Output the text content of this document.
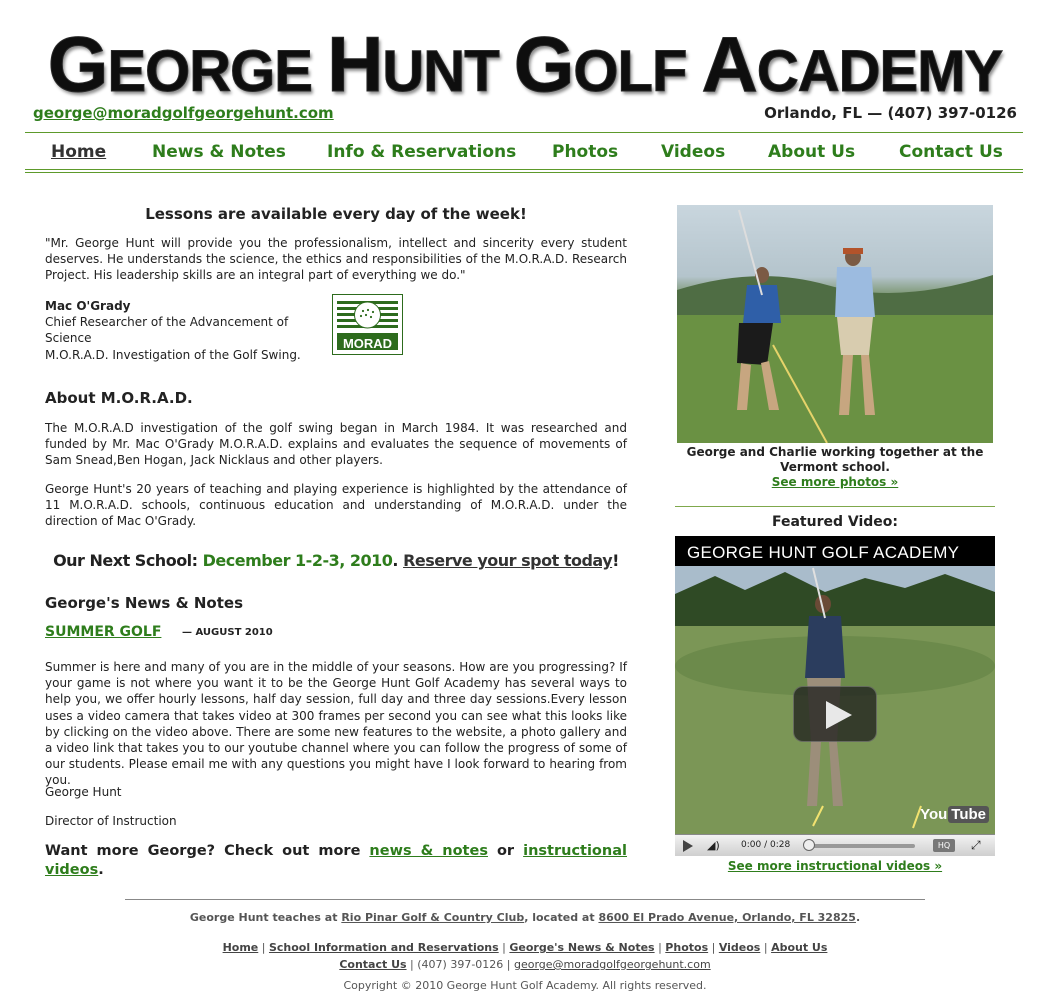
GEORGE HUNT GOLF ACADEMY
george@moradgolfgeorgehunt.com	Orlando, FL — (407) 397-0126
Home	News & Notes Info & Reservations Photos	Videos	About Us	Contact Us
Lessons are available every day of the week!

"Mr. George Hunt will provide you the professionalism, intellect and sincerity every student deserves. He understands the science, the ethics and responsibilities of the M.O.R.A.D. Research Project. His leadership skills are an integral part of everything we do."

Mac O'Grady
Chief Researcher of the Advancement of Science
M.O.R.A.D. Investigation of the Golf Swing.
MORAD
About M.O.R.A.D.

The M.O.R.A.D investigation of the golf swing began in March 1984. It was researched and funded by Mr. Mac O'Grady M.O.R.A.D. explains and evaluates the sequence of movements of Sam Snead,Ben Hogan, Jack Nicklaus and other players.

George Hunt's 20 years of teaching and playing experience is highlighted by the attendance of 11 M.O.R.A.D. schools, continuous education and understanding of M.O.R.A.D. under the direction of Mac O'Grady.

Our Next School: December 1-2-3, 2010. Reserve your spot today!
George's News & Notes
SUMMER GOLF — AUGUST 2010

Summer is here and many of you are in the middle of your seasons. How are you progressing? If your game is not where you want it to be the George Hunt Golf Academy has several ways to help you, we offer hourly lessons, half day session, full day and three day sessions.Every lesson uses a video camera that takes video at 300 frames per second you can see what this looks like by clicking on the video above. There are some new features to the website, a photo gallery and a video link that takes you to our youtube channel where you can follow the progress of some of our students. Please email me with any questions you might have I look forward to hearing from you.

George Hunt
Director of Instruction

Want more George? Check out more news & notes or instructional videos.

George and Charlie working together at the Vermont school.
See more photos »
Featured Video:
GEORGE HUNT GOLF ACADEMY
You Tube
◢) 0:00 / 0:28	HQ	⤢
See more instructional videos »
George Hunt teaches at Rio Pinar Golf & Country Club, located at 8600 El Prado Avenue, Orlando, FL 32825.
Home | School Information and Reservations | George's News & Notes | Photos | Videos | About Us
Contact Us | (407) 397-0126 | george@moradgolfgeorgehunt.com
Copyright © 2010 George Hunt Golf Academy. All rights reserved.
